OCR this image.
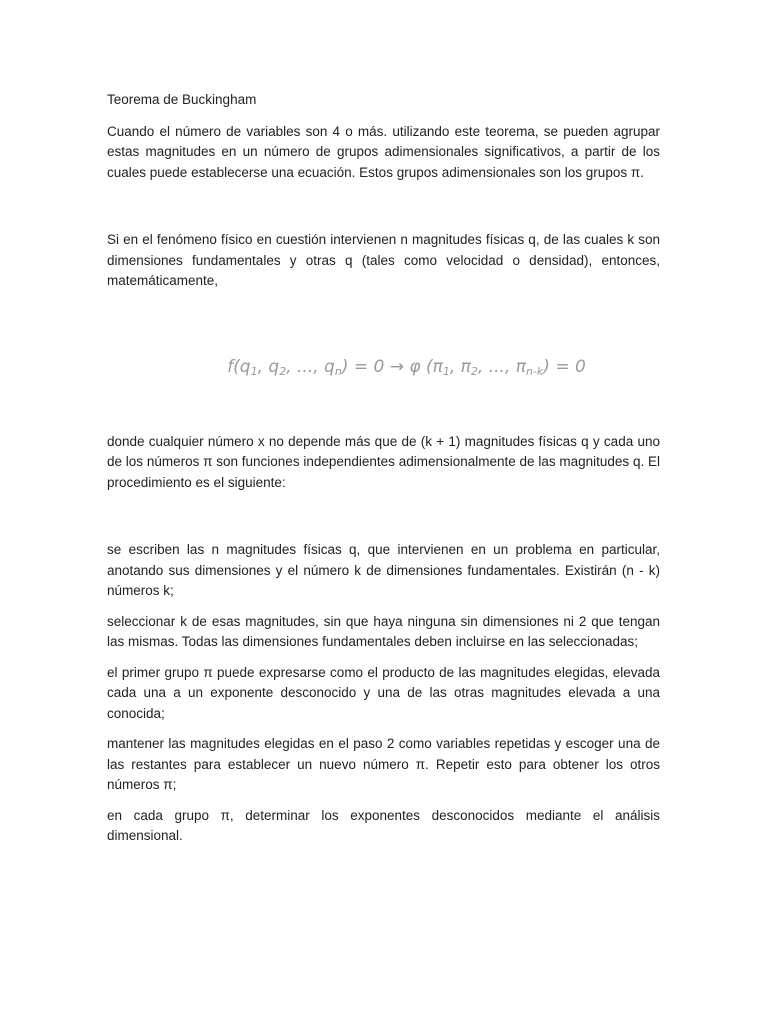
Teorema de Buckingham

Cuando el número de variables son 4 o más. utilizando este teorema, se pueden agrupar estas magnitudes en un número de grupos adimensionales significativos, a partir de los cuales puede establecerse una ecuación. Estos grupos adimensionales son los grupos π.

Si en el fenómeno físico en cuestión intervienen n magnitudes físicas q, de las cuales k son dimensiones fundamentales y otras q (tales como velocidad o densidad), entonces, matemáticamente,

$f(q_1$, $q_2$, ..., $q_n) = 0 \to \varphi$ ($\pi_1$, $\pi_2$, ..., $\pi_{n-k}) = 0$

donde cualquier número x no depende más que de (k + 1) magnitudes físicas q y cada uno de los números π son funciones independientes adimensionalmente de las magnitudes q. El procedimiento es el siguiente:

se escriben las n magnitudes físicas q, que intervienen en un problema en particular, anotando sus dimensiones y el número k de dimensiones fundamentales. Existirán (n - k) números k;

seleccionar k de esas magnitudes, sin que haya ninguna sin dimensiones ni 2 que tengan las mismas. Todas las dimensiones fundamentales deben incluirse en las seleccionadas;

el primer grupo π puede expresarse como el producto de las magnitudes elegidas, elevada cada una a un exponente desconocido y una de las otras magnitudes elevada a una conocida;

mantener las magnitudes elegidas en el paso 2 como variables repetidas y escoger una de las restantes para establecer un nuevo número π. Repetir esto para obtener los otros números π;

en cada grupo π, determinar los exponentes desconocidos mediante el análisis dimensional.
